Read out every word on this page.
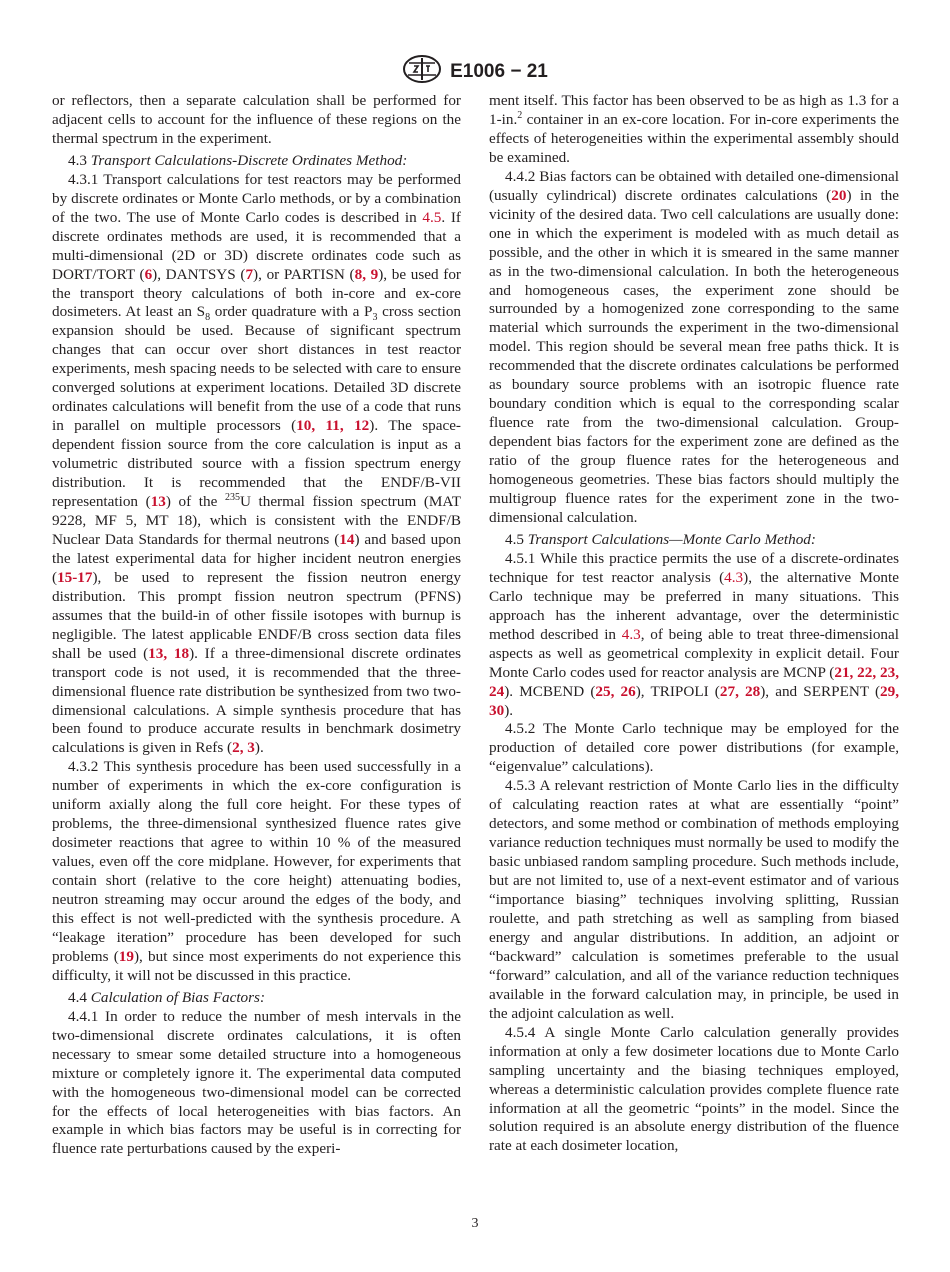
E1006 − 21

or reflectors, then a separate calculation shall be performed for adjacent cells to account for the influence of these regions on the thermal spectrum in the experiment.

4.3 Transport Calculations-Discrete Ordinates Method:

4.3.1 Transport calculations for test reactors may be performed by discrete ordinates or Monte Carlo methods, or by a combination of the two. The use of Monte Carlo codes is described in 4.5. If discrete ordinates methods are used, it is recommended that a multi-dimensional (2D or 3D) discrete ordinates code such as DORT/TORT (6), DANTSYS (7), or PARTISN (8, 9), be used for the transport theory calculations of both in-core and ex-core dosimeters. At least an $S_8$ order quadrature with a $P_3$ cross section expansion should be used. Because of significant spectrum changes that can occur over short distances in test reactor experiments, mesh spacing needs to be selected with care to ensure converged solutions at experiment locations. Detailed 3D discrete ordinates calculations will benefit from the use of a code that runs in parallel on multiple processors (10, 11, 12). The space-dependent fission source from the core calculation is input as a volumetric distributed source with a fission spectrum energy distribution. It is recommended that the ENDF/B-VII representation (13) of the $^{235}$U thermal fission spectrum (MAT 9228, MF 5, MT 18), which is consistent with the ENDF/B Nuclear Data Standards for thermal neutrons (14) and based upon the latest experimental data for higher incident neutron energies (15-17), be used to represent the fission neutron energy distribution. This prompt fission neutron spectrum (PFNS) assumes that the build-in of other fissile isotopes with burnup is negligible. The latest applicable ENDF/B cross section data files shall be used (13, 18). If a three-dimensional discrete ordinates transport code is not used, it is recommended that the three-dimensional fluence rate distribution be synthesized from two two-dimensional calculations. A simple synthesis procedure that has been found to produce accurate results in benchmark dosimetry calculations is given in Refs (2, 3).

4.3.2 This synthesis procedure has been used successfully in a number of experiments in which the ex-core configuration is uniform axially along the full core height. For these types of problems, the three-dimensional synthesized fluence rates give dosimeter reactions that agree to within 10 % of the measured values, even off the core midplane. However, for experiments that contain short (relative to the core height) attenuating bodies, neutron streaming may occur around the edges of the body, and this effect is not well-predicted with the synthesis procedure. A “leakage iteration” procedure has been developed for such problems (19), but since most experiments do not experience this difficulty, it will not be discussed in this practice.

4.4 Calculation of Bias Factors:

4.4.1 In order to reduce the number of mesh intervals in the two-dimensional discrete ordinates calculations, it is often necessary to smear some detailed structure into a homogeneous mixture or completely ignore it. The experimental data computed with the homogeneous two-dimensional model can be corrected for the effects of local heterogeneities with bias factors. An example in which bias factors may be useful is in correcting for fluence rate perturbations caused by the experi-

ment itself. This factor has been observed to be as high as 1.3 for a 1-in.$^2$ container in an ex-core location. For in-core experiments the effects of heterogeneities within the experimental assembly should be examined.

4.4.2 Bias factors can be obtained with detailed one-dimensional (usually cylindrical) discrete ordinates calculations (20) in the vicinity of the desired data. Two cell calculations are usually done: one in which the experiment is modeled with as much detail as possible, and the other in which it is smeared in the same manner as in the two-dimensional calculation. In both the heterogeneous and homogeneous cases, the experiment zone should be surrounded by a homogenized zone corresponding to the same material which surrounds the experiment in the two-dimensional model. This region should be several mean free paths thick. It is recommended that the discrete ordinates calculations be performed as boundary source problems with an isotropic fluence rate boundary condition which is equal to the corresponding scalar fluence rate from the two-dimensional calculation. Group-dependent bias factors for the experiment zone are defined as the ratio of the group fluence rates for the heterogeneous and homogeneous geometries. These bias factors should multiply the multigroup fluence rates for the experiment zone in the two-dimensional calculation.

4.5 Transport Calculations—Monte Carlo Method:

4.5.1 While this practice permits the use of a discrete-ordinates technique for test reactor analysis (4.3), the alternative Monte Carlo technique may be preferred in many situations. This approach has the inherent advantage, over the deterministic method described in 4.3, of being able to treat three-dimensional aspects as well as geometrical complexity in explicit detail. Four Monte Carlo codes used for reactor analysis are MCNP (21, 22, 23, 24). MCBEND (25, 26), TRIPOLI (27, 28), and SERPENT (29, 30).

4.5.2 The Monte Carlo technique may be employed for the production of detailed core power distributions (for example, “eigenvalue” calculations).

4.5.3 A relevant restriction of Monte Carlo lies in the difficulty of calculating reaction rates at what are essentially “point” detectors, and some method or combination of methods employing variance reduction techniques must normally be used to modify the basic unbiased random sampling procedure. Such methods include, but are not limited to, use of a next-event estimator and of various “importance biasing” techniques involving splitting, Russian roulette, and path stretching as well as sampling from biased energy and angular distributions. In addition, an adjoint or “backward” calculation is sometimes preferable to the usual “forward” calculation, and all of the variance reduction techniques available in the forward calculation may, in principle, be used in the adjoint calculation as well.

4.5.4 A single Monte Carlo calculation generally provides information at only a few dosimeter locations due to Monte Carlo sampling uncertainty and the biasing techniques employed, whereas a deterministic calculation provides complete fluence rate information at all the geometric “points” in the model. Since the solution required is an absolute energy distribution of the fluence rate at each dosimeter location,

3
